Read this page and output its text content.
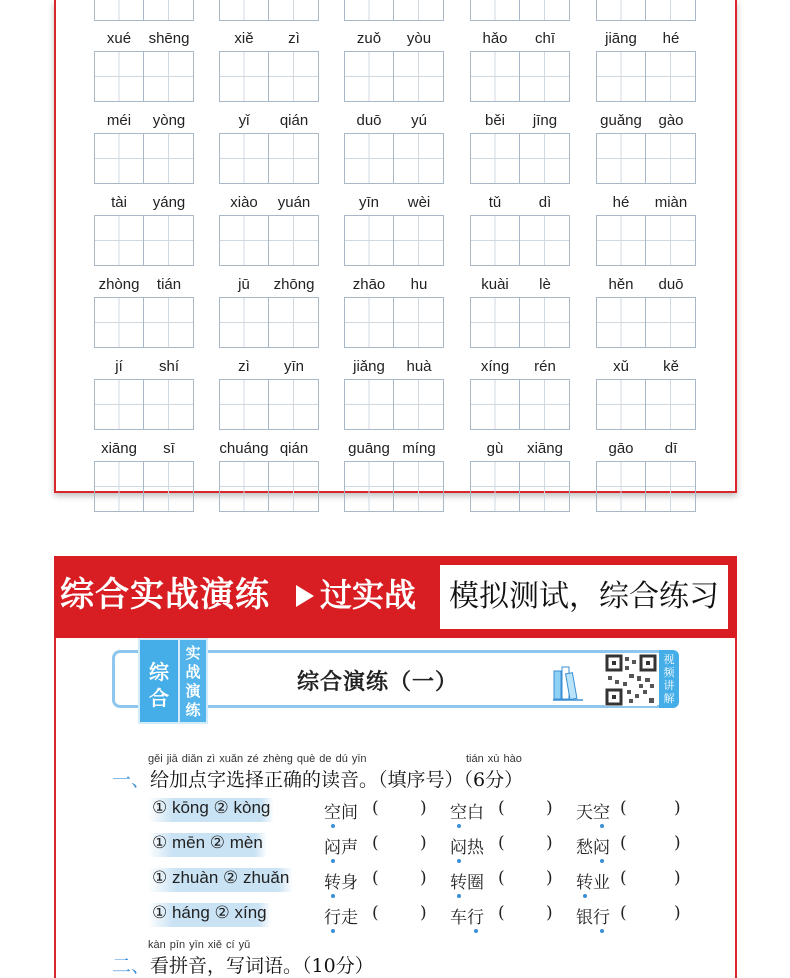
xué	shēng	xiě	zì	zuǒ	yòu	hǎo	chī	jiāng	hé
méi	yòng	yǐ	qián	duō	yú	běi	jīng	guǎng	gào
tài	yáng	xiào	yuán	yīn	wèi	tǔ	dì	hé	miàn
zhòng	tián	jū	zhōng	zhāo	hu	kuài	lè	hěn	duō
jí	shí	zì	yīn	jiǎng	huà	xíng	rén	xǔ	kě
xiāng	sī	chuáng qián	guāng míng	gù	xiāng	gāo	dī
综合实战演练 过实战	模拟测试，综合练习
综合演练（一）
视
频
讲
解
综
合
实
战
演
练
gěi jiā diǎn zì xuǎn zé zhèng què de dú yīn	tián xù hào
一、给加点字选择正确的读音。（填序号）（6分）
① kōng ② kòng	空间 ( ) 空白 ( ) 天空 (	)
① mēn ② mèn	闷声 ( ) 闷热 ( ) 愁闷 (	)
① zhuàn ② zhuǎn 转身 ( ) 转圈 ( ) 转业 (	)
① háng ② xíng	行走 ( ) 车行 ( ) 银行 (	)
kàn pīn yīn xiě cí yǔ
二、看拼音，写词语。（10分）
